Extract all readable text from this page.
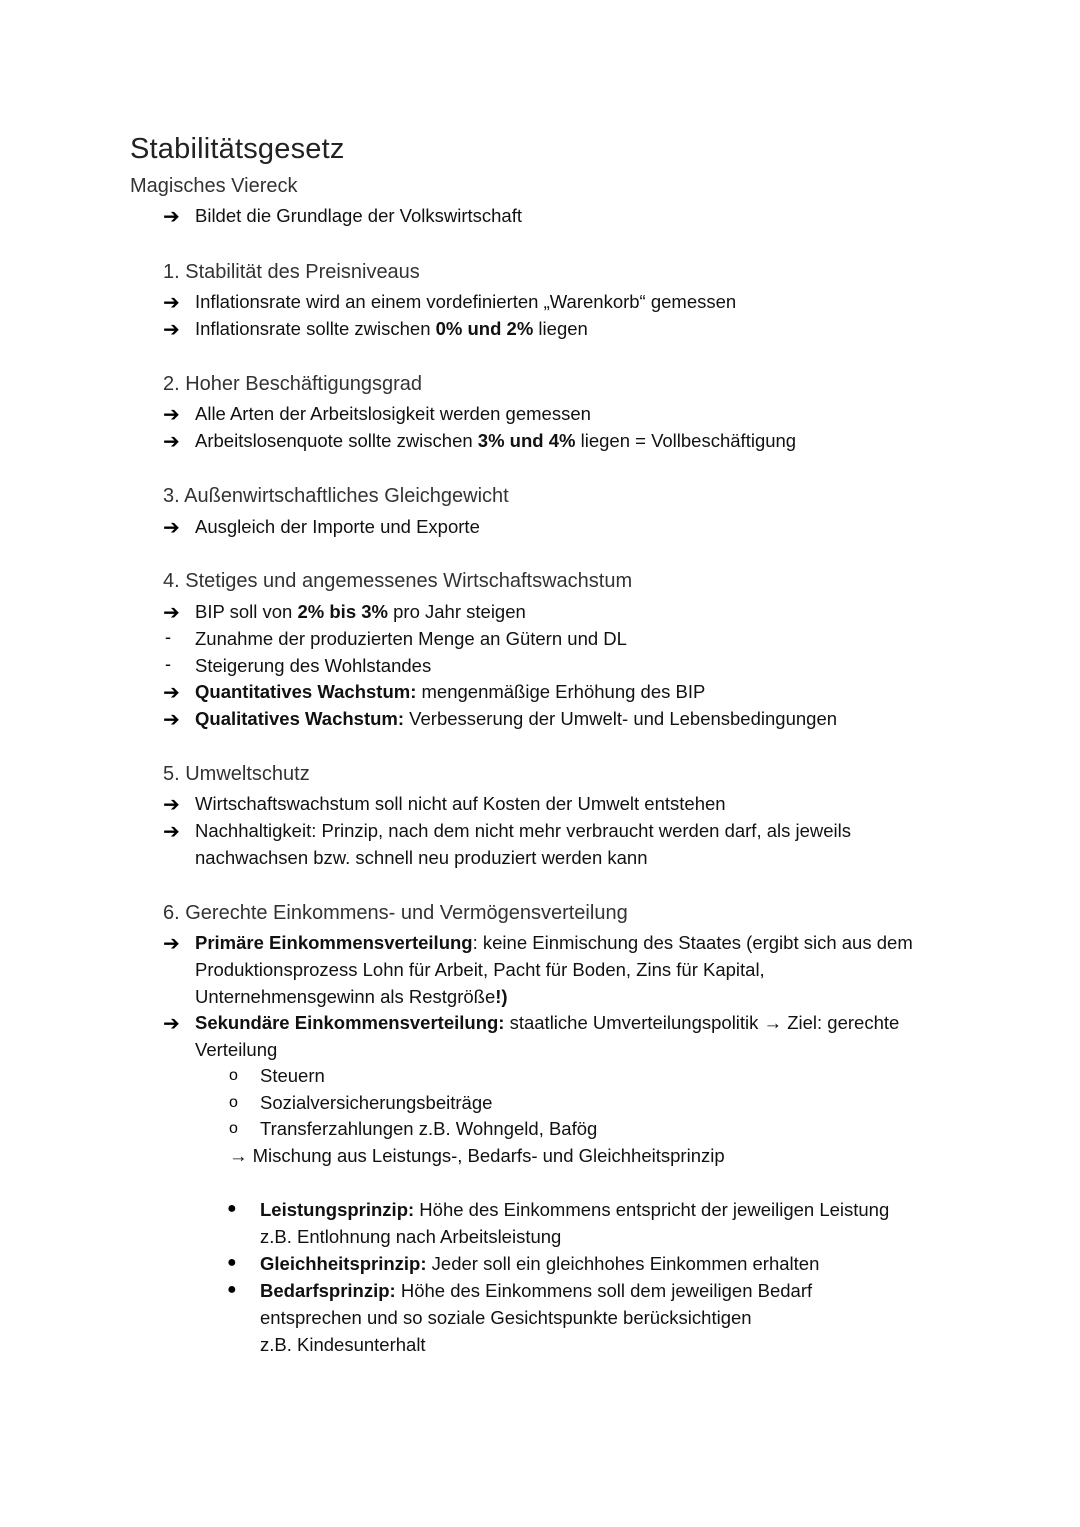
Stabilitätsgesetz
Magisches Viereck
➔ Bildet die Grundlage der Volkswirtschaft
1. Stabilität des Preisniveaus
➔ Inflationsrate wird an einem vordefinierten „Warenkorb“ gemessen
➔ Inflationsrate sollte zwischen 0% und 2% liegen
2. Hoher Beschäftigungsgrad
➔ Alle Arten der Arbeitslosigkeit werden gemessen
➔ Arbeitslosenquote sollte zwischen 3% und 4% liegen = Vollbeschäftigung
3. Außenwirtschaftliches Gleichgewicht
➔ Ausgleich der Importe und Exporte
4. Stetiges und angemessenes Wirtschaftswachstum
➔ BIP soll von 2% bis 3% pro Jahr steigen
- Zunahme der produzierten Menge an Gütern und DL
- Steigerung des Wohlstandes
➔ Quantitatives Wachstum: mengenmäßige Erhöhung des BIP
➔ Qualitatives Wachstum: Verbesserung der Umwelt- und Lebensbedingungen
5. Umweltschutz
➔ Wirtschaftswachstum soll nicht auf Kosten der Umwelt entstehen
➔ Nachhaltigkeit: Prinzip, nach dem nicht mehr verbraucht werden darf, als jeweils
nachwachsen bzw. schnell neu produziert werden kann
6. Gerechte Einkommens- und Vermögensverteilung
➔ Primäre Einkommensverteilung: keine Einmischung des Staates (ergibt sich aus dem
Produktionsprozess Lohn für Arbeit, Pacht für Boden, Zins für Kapital,
Unternehmensgewinn als Restgröße!)
➔ Sekundäre Einkommensverteilung: staatliche Umverteilungspolitik → Ziel: gerechte
Verteilung
o Steuern
o Sozialversicherungsbeiträge
o Transferzahlungen z.B. Wohngeld, Bafög
→ Mischung aus Leistungs-, Bedarfs- und Gleichheitsprinzip
● Leistungsprinzip: Höhe des Einkommens entspricht der jeweiligen Leistung
z.B. Entlohnung nach Arbeitsleistung
● Gleichheitsprinzip: Jeder soll ein gleichhohes Einkommen erhalten
● Bedarfsprinzip: Höhe des Einkommens soll dem jeweiligen Bedarf
entsprechen und so soziale Gesichtspunkte berücksichtigen
z.B. Kindesunterhalt
